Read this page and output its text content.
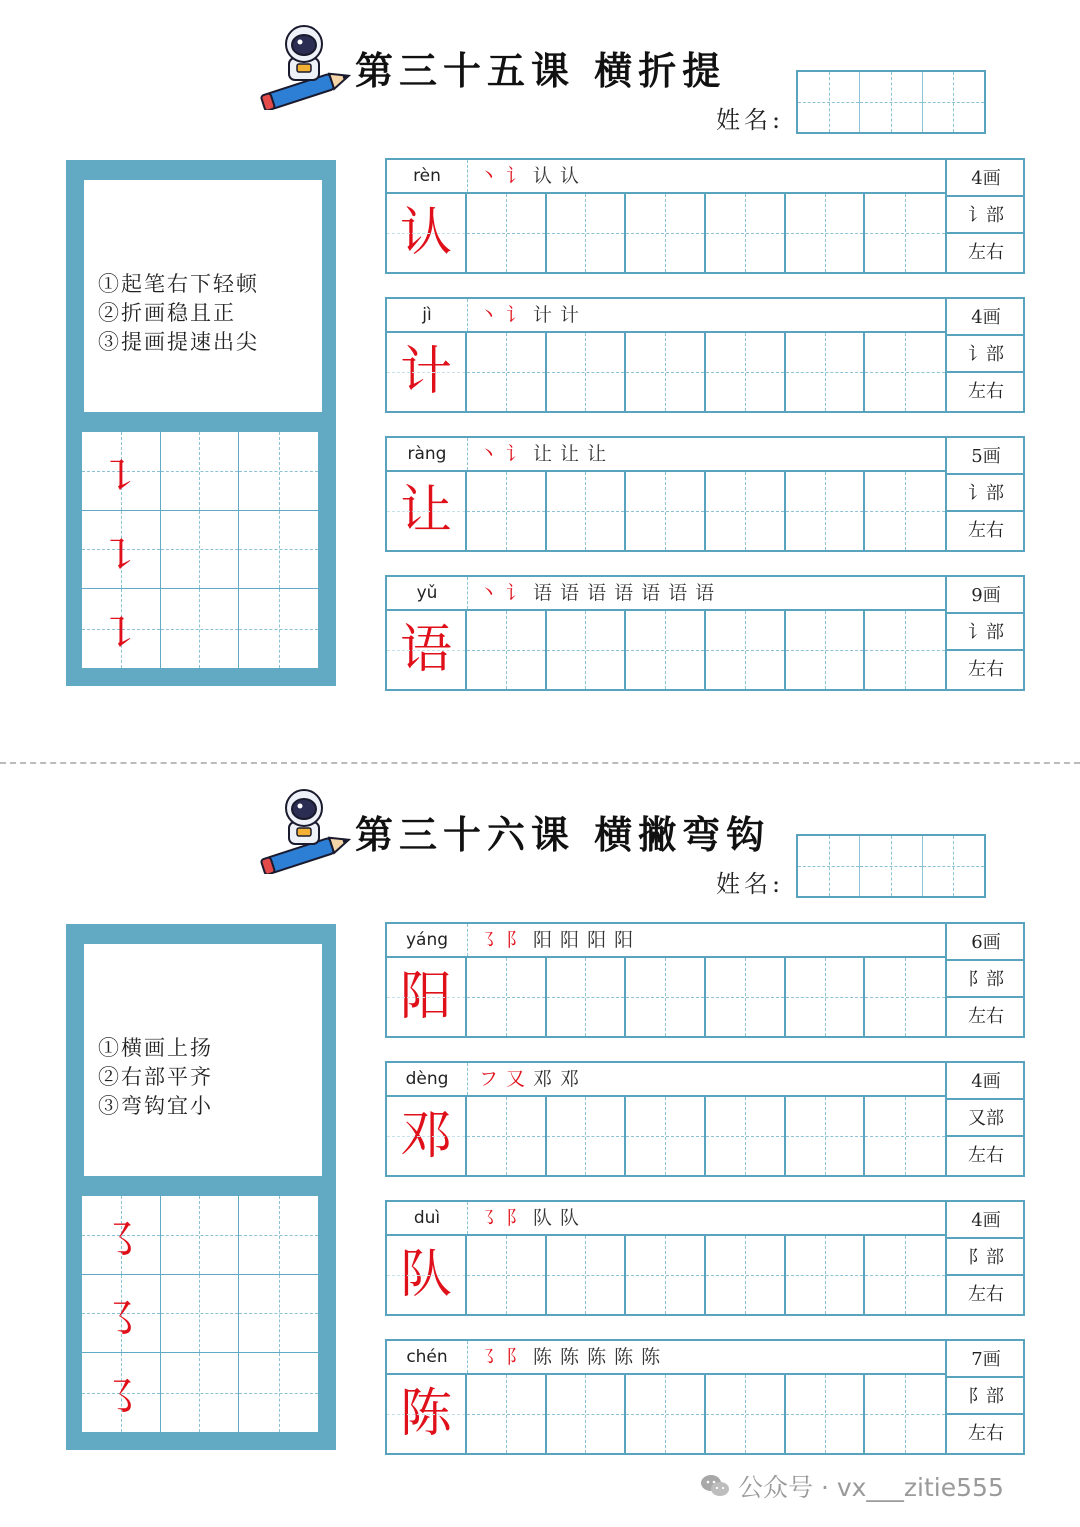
第三十五课 横折提
姓名:
①起笔右下轻顿
②折画稳且正
③提画提速出尖
㇊
㇊
㇊
rèn	丶讠认认
认
4画
讠部
左右
jì	丶讠计计
计
4画
讠部
左右
ràng	丶讠让让让
让
5画
讠部
左右
yǔ	丶讠语语语语语语语
语
9画
讠部
左右
第三十六课 横撇弯钩
姓名:
①横画上扬
②右部平齐
③弯钩宜小
㇌
㇌
㇌
yáng	㇌阝阳阳阳阳
阳
6画
阝部
左右
dèng	フ又邓邓
邓
4画
又部
左右
duì	㇌阝队队
队
4画
阝部
左右
chén	㇌阝陈陈陈陈陈
陈
7画
阝部
左右
公众号 · vx___zitie555
